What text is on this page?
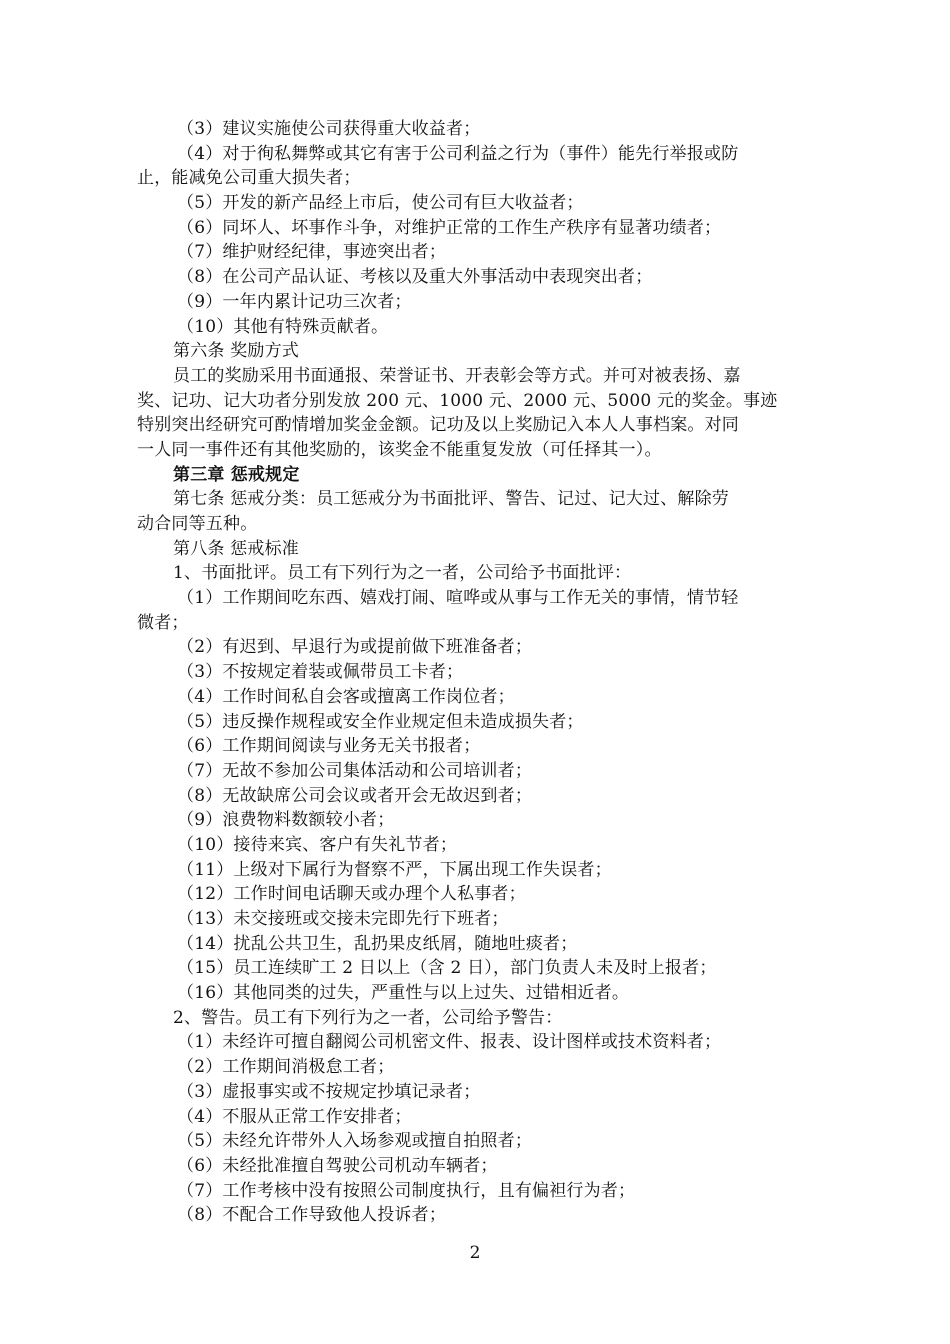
（3）建议实施使公司获得重大收益者；
（4）对于徇私舞弊或其它有害于公司利益之行为（事件）能先行举报或防
止，能减免公司重大损失者；
（5）开发的新产品经上市后，使公司有巨大收益者；
（6）同坏人、坏事作斗争，对维护正常的工作生产秩序有显著功绩者；
（7）维护财经纪律，事迹突出者；
（8）在公司产品认证、考核以及重大外事活动中表现突出者；
（9）一年内累计记功三次者；
（10）其他有特殊贡献者。
第六条 奖励方式
员工的奖励采用书面通报、荣誉证书、开表彰会等方式。并可对被表扬、嘉
奖、记功、记大功者分别发放 200 元、1000 元、2000 元、5000 元的奖金。事迹
特别突出经研究可酌情增加奖金金额。记功及以上奖励记入本人人事档案。对同
一人同一事件还有其他奖励的，该奖金不能重复发放（可任择其一）。
第三章 惩戒规定
第七条 惩戒分类：员工惩戒分为书面批评、警告、记过、记大过、解除劳
动合同等五种。
第八条 惩戒标准
1、书面批评。员工有下列行为之一者，公司给予书面批评：
（1）工作期间吃东西、嬉戏打闹、喧哗或从事与工作无关的事情，情节轻
微者；
（2）有迟到、早退行为或提前做下班准备者；
（3）不按规定着装或佩带员工卡者；
（4）工作时间私自会客或擅离工作岗位者；
（5）违反操作规程或安全作业规定但未造成损失者；
（6）工作期间阅读与业务无关书报者；
（7）无故不参加公司集体活动和公司培训者；
（8）无故缺席公司会议或者开会无故迟到者；
（9）浪费物料数额较小者；
（10）接待来宾、客户有失礼节者；
（11）上级对下属行为督察不严，下属出现工作失误者；
（12）工作时间电话聊天或办理个人私事者；
（13）未交接班或交接未完即先行下班者；
（14）扰乱公共卫生，乱扔果皮纸屑，随地吐痰者；
（15）员工连续旷工 2 日以上（含 2 日），部门负责人未及时上报者；
（16）其他同类的过失，严重性与以上过失、过错相近者。
2、警告。员工有下列行为之一者，公司给予警告：
（1）未经许可擅自翻阅公司机密文件、报表、设计图样或技术资料者；
（2）工作期间消极怠工者；
（3）虚报事实或不按规定抄填记录者；
（4）不服从正常工作安排者；
（5）未经允许带外人入场参观或擅自拍照者；
（6）未经批准擅自驾驶公司机动车辆者；
（7）工作考核中没有按照公司制度执行，且有偏袒行为者；
（8）不配合工作导致他人投诉者；
2
